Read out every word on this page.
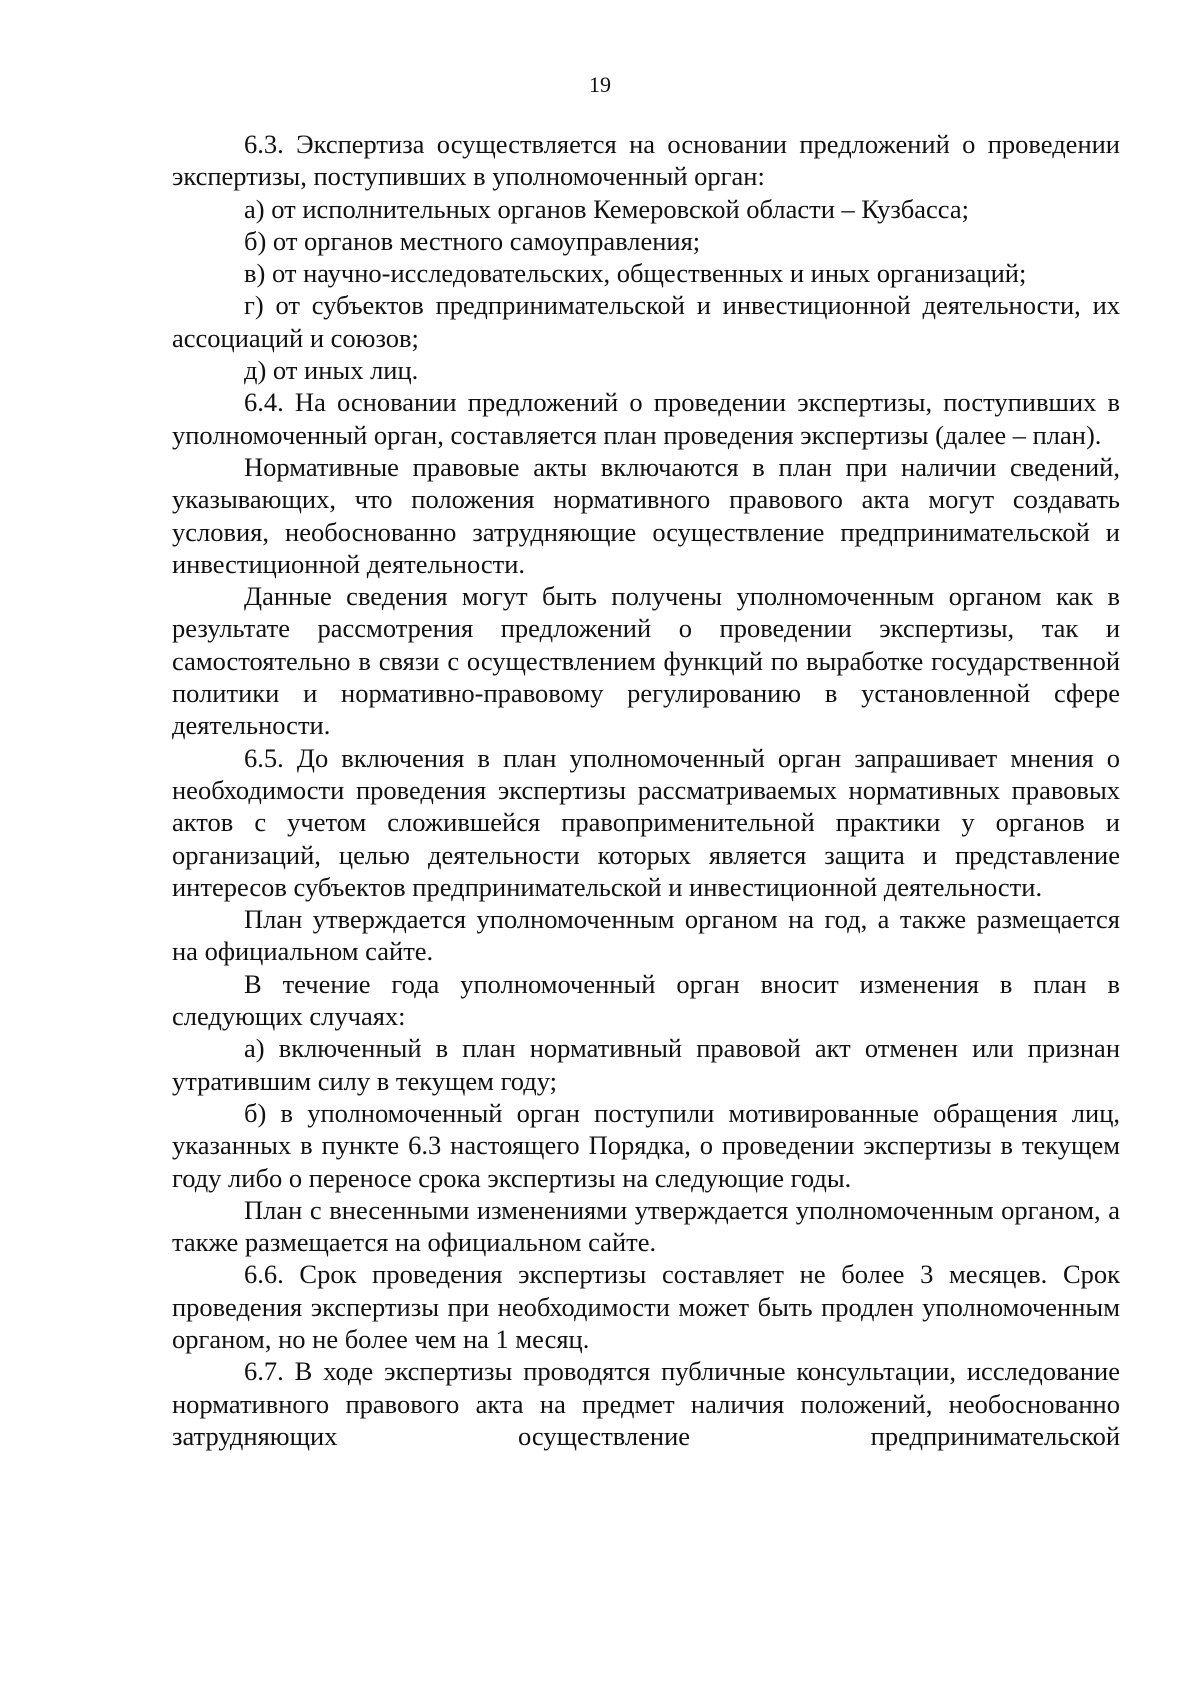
19

6.3. Экспертиза осуществляется на основании предложений о проведении экспертизы, поступивших в уполномоченный орган:

а) от исполнительных органов Кемеровской области – Кузбасса;

б) от органов местного самоуправления;

в) от научно-исследовательских, общественных и иных организаций;

г) от субъектов предпринимательской и инвестиционной деятельности, их ассоциаций и союзов;

д) от иных лиц.

6.4. На основании предложений о проведении экспертизы, поступивших в уполномоченный орган, составляется план проведения экспертизы (далее – план).

Нормативные правовые акты включаются в план при наличии сведений, указывающих, что положения нормативного правового акта могут создавать условия, необоснованно затрудняющие осуществление предпринимательской и инвестиционной деятельности.

Данные сведения могут быть получены уполномоченным органом как в результате рассмотрения предложений о проведении экспертизы, так и самостоятельно в связи с осуществлением функций по выработке государственной политики и нормативно-правовому регулированию в установленной сфере деятельности.

6.5. До включения в план уполномоченный орган запрашивает мнения о необходимости проведения экспертизы рассматриваемых нормативных правовых актов с учетом сложившейся правоприменительной практики у органов и организаций, целью деятельности которых является защита и представление интересов субъектов предпринимательской и инвестиционной деятельности.

План утверждается уполномоченным органом на год, а также размещается на официальном сайте.

В течение года уполномоченный орган вносит изменения в план в следующих случаях:

а) включенный в план нормативный правовой акт отменен или признан утратившим силу в текущем году;

б) в уполномоченный орган поступили мотивированные обращения лиц, указанных в пункте 6.3 настоящего Порядка, о проведении экспертизы в текущем году либо о переносе срока экспертизы на следующие годы.

План с внесенными изменениями утверждается уполномоченным органом, а также размещается на официальном сайте.

6.6. Срок проведения экспертизы составляет не более 3 месяцев. Срок проведения экспертизы при необходимости может быть продлен уполномоченным органом, но не более чем на 1 месяц.

6.7. В ходе экспертизы проводятся публичные консультации, исследование нормативного правового акта на предмет наличия положений, необоснованно затрудняющих осуществление предпринимательской
